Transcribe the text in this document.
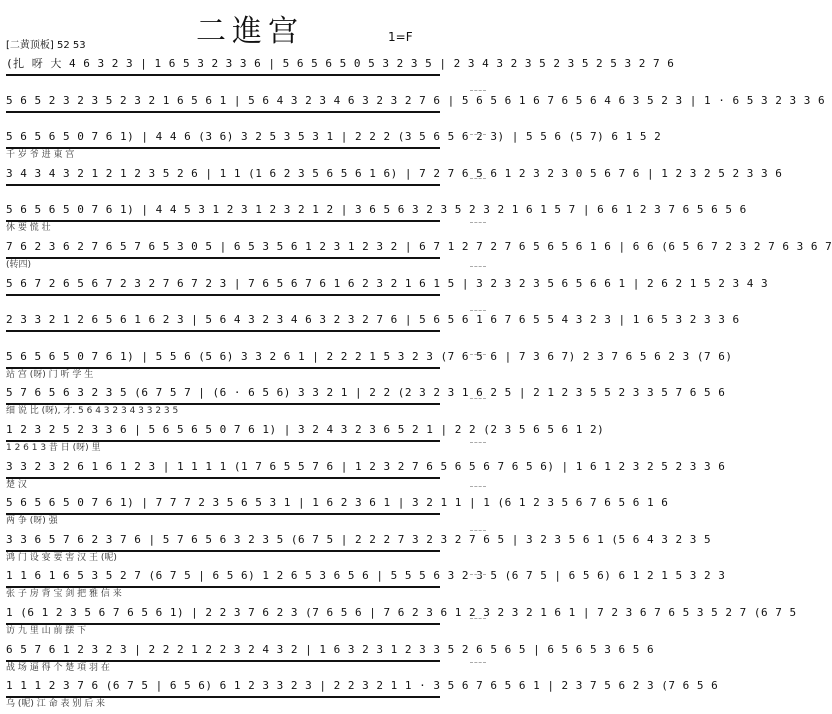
二進宫	1=F
[二黄顶板] 52 53
(扎 呀 大 4 6 3 2 3 | 1 6 5 3 2 3 3 6 | 5 6 5 6 5 0 5 3 2 3 5 | 2 3 4 3 2 3 5 2 3 5 2 5 3 2 7 6
5 6 5 2 3 2 3 5 2 3 2 1 6 5 6 1 | 5 6 4 3 2 3 4 6 3 2 3 2 7 6 | 5 6 5 6 1 6 7 6 5 6 4 6 3 5 2 3 | 1 · 6 5 3 2 3 3 6
5 6 5 6 5 0 7 6 1) | 4 4 6 (3 6) 3 2 5 3 5 3 1 | 2 2 2 (3 5 6 5 6 2 3) | 5 5 6 (5 7) 6 1 5 2
千 岁 爷 进 東 宫
3 4 3 4 3 2 1 2 1 2 3 5 2 6 | 1 1 (1 6 2 3 5 6 5 6 1 6) | 7 2 7 6 5 6 1 2 3 2 3 0 5 6 7 6 | 1 2 3 2 5 2 3 3 6
5 6 5 6 5 0 7 6 1) | 4 4 5 3 1 2 3 1 2 3 2 1 2 | 3 6 5 6 3 2 3 5 2 3 2 1 6 1 5 7 | 6 6 1 2 3 7 6 5 6 5 6
休 要 慌 壮
7 6 2 3 6 2 7 6 5 7 6 5 3 0 5 | 6 5 3 5 6 1 2 3 1 2 3 2 | 6 7 1 2 7 2 7 6 5 6 5 6 1 6 | 6 6 (6 5 6 7 2 3 2 7 6 3 6 7
(转四)
5 6 7 2 6 5 6 7 2 3 2 7 6 7 2 3 | 7 6 5 6 7 6 1 6 2 3 2 1 6 1 5 | 3 2 3 2 3 5 6 5 6 6 1 | 2 6 2 1 5 2 3 4 3
2 3 3 2 1 2 6 5 6 1 6 2 3 | 5 6 4 3 2 3 4 6 3 2 3 2 7 6 | 5 6 5 6 1 6 7 6 5 5 4 3 2 3 | 1 6 5 3 2 3 3 6
5 6 5 6 5 0 7 6 1) | 5 5 6 (5 6) 3 3 2 6 1 | 2 2 2 1 5 3 2 3 (7 6 5 6 | 7 3 6 7) 2 3 7 6 5 6 2 3 (7 6)
站 宫 (呀) 门 听 学 生
5 7 6 5 6 3 2 3 5 (6 7 5 7 | (6 · 6 5 6) 3 3 2 1 | 2 2 (2 3 2 3 1 6 2 5 | 2 1 2 3 5 5 2 3 3 5 7 6 5 6
细 说 比 (呀), 才. 5 6 4 3 2 3 4 3 3 2 3 5
1 2 3 2 5 2 3 3 6 | 5 6 5 6 5 0 7 6 1) | 3 2 4 3 2 3 6 5 2 1 | 2 2 (2 3 5 6 5 6 1 2)
1 2 6 1 3 昔 日 (呀) 里
3 3 2 3 2 6 1 6 1 2 3 | 1 1 1 1 (1 7 6 5 5 7 6 | 1 2 3 2 7 6 5 6 5 6 7 6 5 6) | 1 6 1 2 3 2 5 2 3 3 6
楚 汉
5 6 5 6 5 0 7 6 1) | 7 7 7 2 3 5 6 5 3 1 | 1 6 2 3 6 1 | 3 2 1 1 | 1 (6 1 2 3 5 6 7 6 5 6 1 6
两 争 (呀) 强
3 3 6 5 7 6 2 3 7 6 | 5 7 6 5 6 3 2 3 5 (6 7 5 | 2 2 2 7 3 2 3 2 7 6 5 | 3 2 3 5 6 1 (5 6 4 3 2 3 5
鸿 门 设 宴 要 害 汉 王 (呢)
1 1 6 1 6 5 3 5 2 7 (6 7 5 | 6 5 6) 1 2 6 5 3 6 5 6 | 5 5 5 6 3 2 3 5 (6 7 5 | 6 5 6) 6 1 2 1 5 3 2 3
张 子 房 背 宝 剑 把 雅 信 来
1 (6 1 2 3 5 6 7 6 5 6 1) | 2 2 3 7 6 2 3 (7 6 5 6 | 7 6 2 3 6 1 2 3 2 3 2 1 6 1 | 7 2 3 6 7 6 5 3 5 2 7 (6 7 5
访 九 里 山 前 摆 下
6 5 7 6 1 2 3 2 3 | 2 2 2 1 2 2 3 2 4 3 2 | 1 6 3 2 3 1 2 3 3 5 2 6 5 6 5 | 6 5 6 5 3 6 5 6
战 场 逼 得 个 楚 項 羽 在
1 1 1 2 3 7 6 (6 7 5 | 6 5 6) 6 1 2 3 3 2 3 | 2 2 3 2 1 1 · 3 5 6 7 6 5 6 1 | 2 3 7 5 6 2 3 (7 6 5 6
乌 (呢) 江 命 表 别 后 来
